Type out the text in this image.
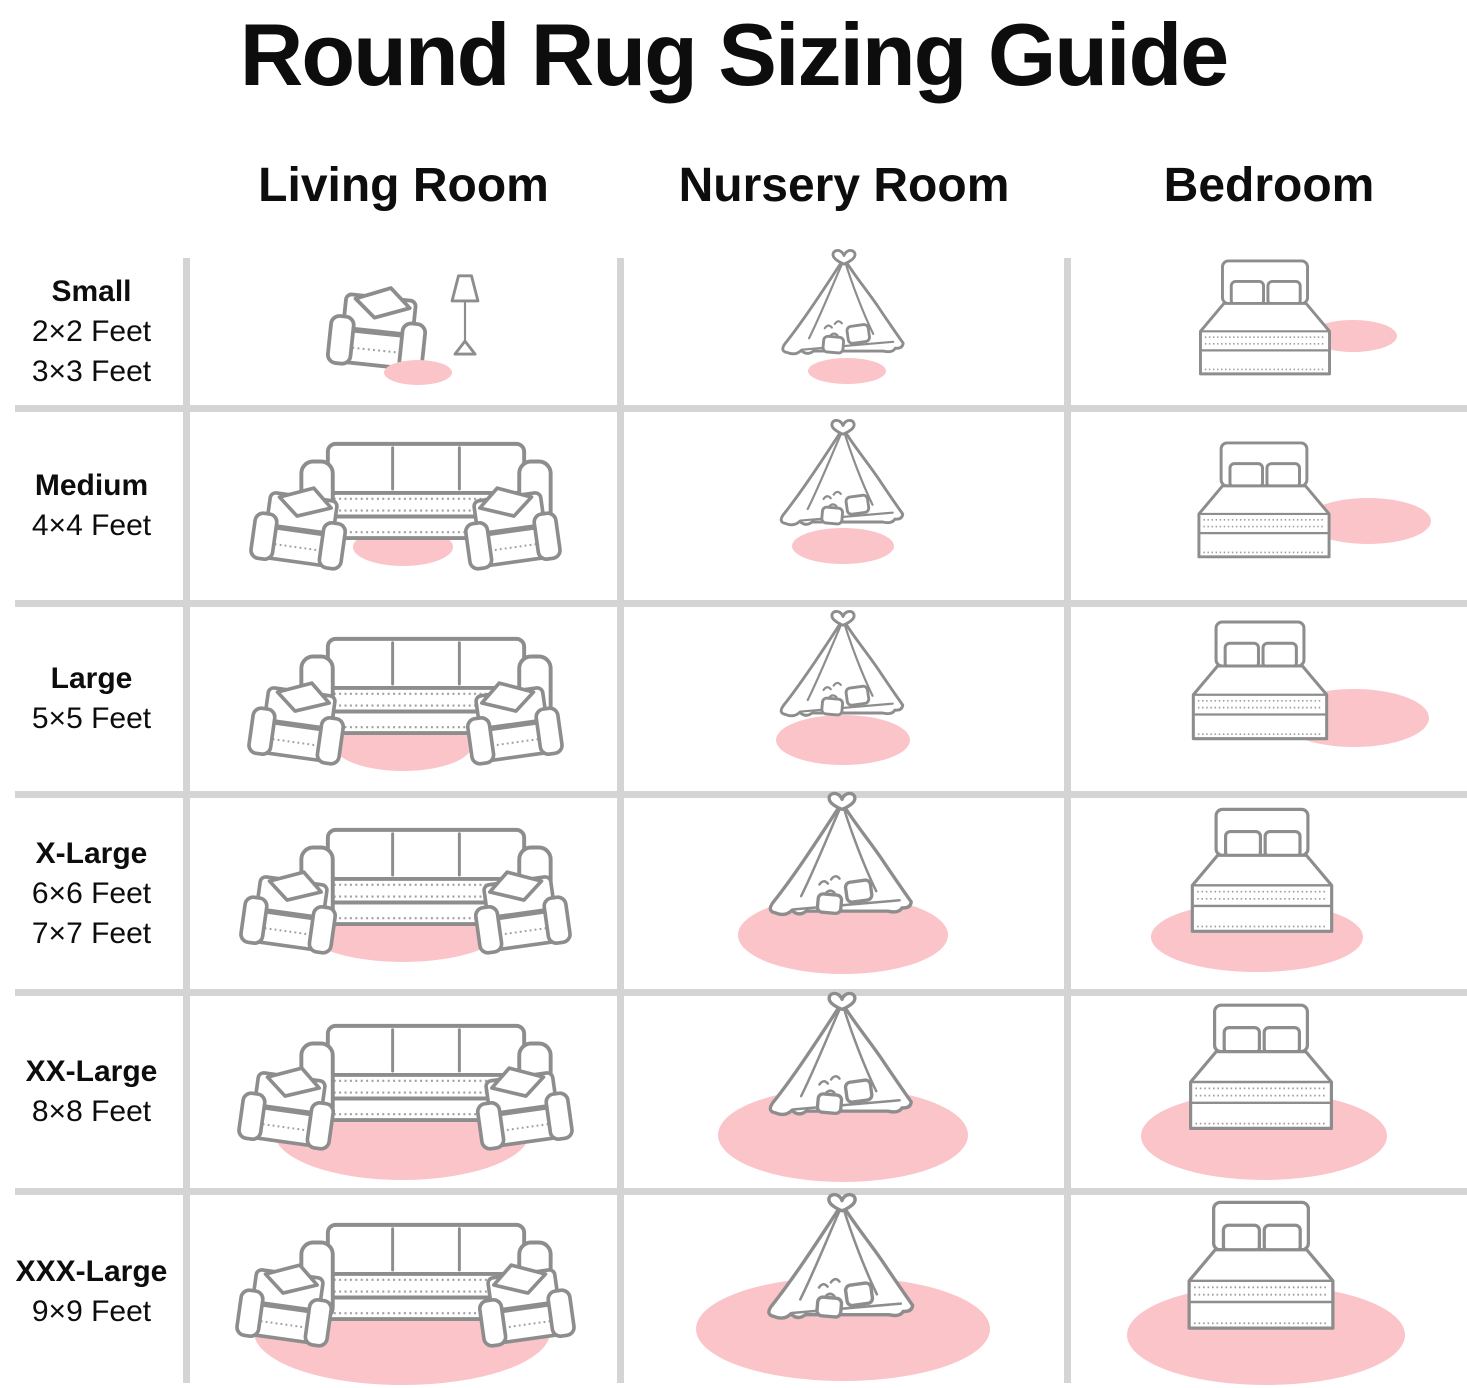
Round Rug Sizing Guide
Living Room	Nursery Room	Bedroom
Small
2×2 Feet
3×3 Feet
Medium
4×4 Feet
Large
5×5 Feet
X-Large
6×6 Feet
7×7 Feet
XX-Large
8×8 Feet
XXX-Large
9×9 Feet
